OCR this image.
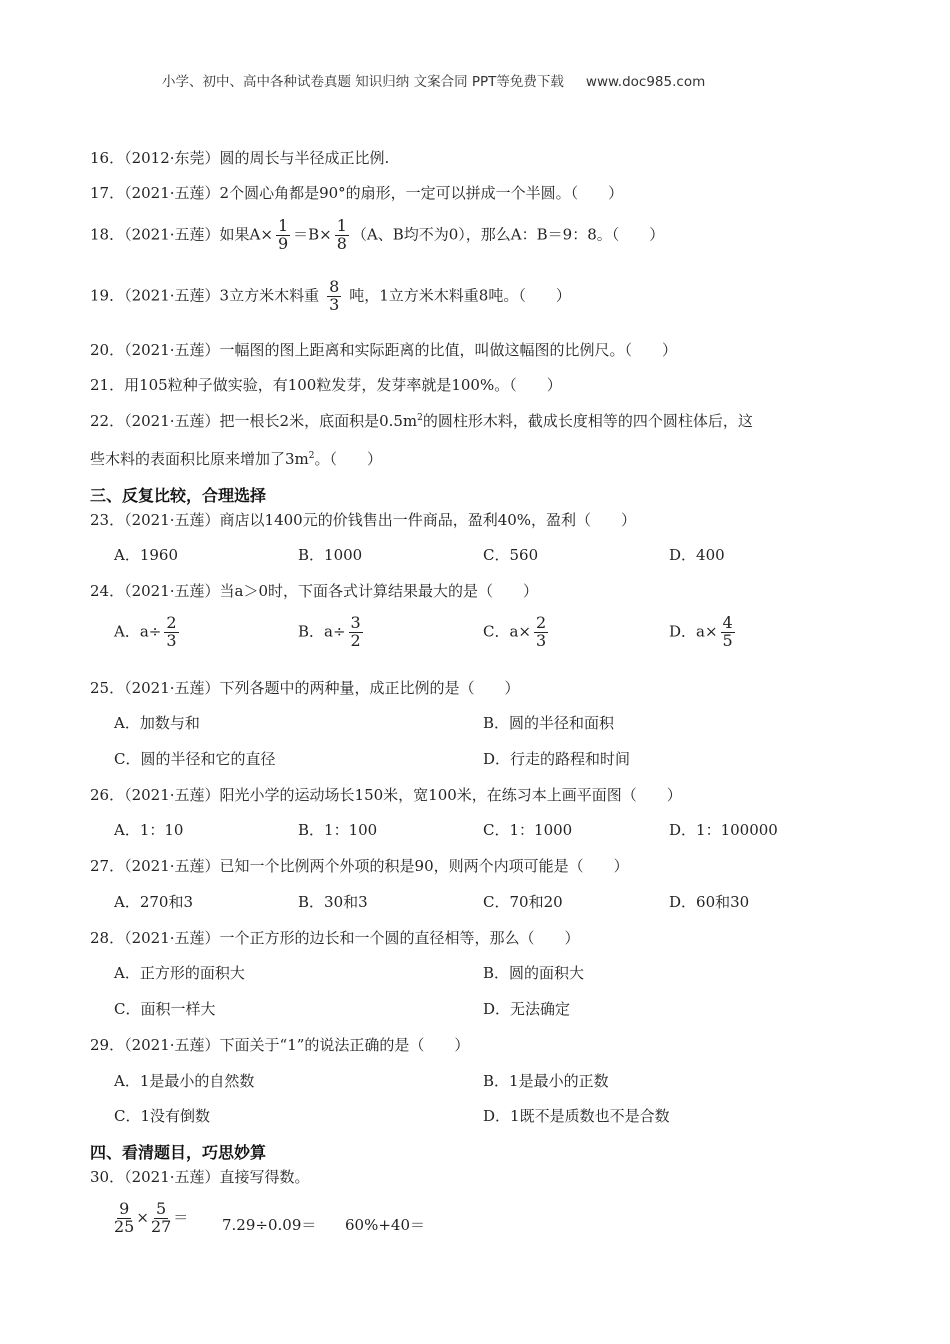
小学、初中、高中各种试卷真题 知识归纳 文案合同 PPT等免费下载 www.doc985.com
16．（2012·东莞）圆的周长与半径成正比例.
17．（2021·五莲）2个圆心角都是90°的扇形，一定可以拼成一个半圆。（　　）
18．（2021·五莲）如果$A\times \frac{1}{9} =B\times \frac{1}{8} (A$、B均不为0），那么A：B＝9：8。（　　）
19．（2021·五莲）3立方米木料重 $\frac{8}{3}$ 吨，1立方米木料重8吨。（　　）
20．（2021·五莲）一幅图的图上距离和实际距离的比值，叫做这幅图的比例尺。（　　）
21．用105粒种子做实验，有100粒发芽，发芽率就是100%。（　　）
22．（2021·五莲）把一根长2米，底面积是$0.5m^2$的圆柱形木料，截成长度相等的四个圆柱体后，这
些木料的表面积比原来增加了$3m^2$。（　　）
三、反复比较，合理选择
23．（2021·五莲）商店以1400元的价钱售出一件商品，盈利40%，盈利（　　）
A．1960	B．1000	C．560	D．400
24．（2021·五莲）当a＞0时，下面各式计算结果最大的是（　　）
A．$a\div \frac{2}{3}$	B．$a\div \frac{3}{2}$	C．$a\times \frac{2}{3}$	D．$a\times \frac{4}{5}$
25．（2021·五莲）下列各题中的两种量，成正比例的是（　　）
A．加数与和	B．圆的半径和面积
C．圆的半径和它的直径	D．行走的路程和时间
26．（2021·五莲）阳光小学的运动场长150米，宽100米，在练习本上画平面图（　　）
A．1：10	B．1：100	C．1：1000	D．1：100000
27．（2021·五莲）已知一个比例两个外项的积是90，则两个内项可能是（　　）
A．270和3	B．30和3	C．70和20	D．60和30
28．（2021·五莲）一个正方形的边长和一个圆的直径相等，那么（　　）
A．正方形的面积大	B．圆的面积大
C．面积一样大	D．无法确定
29．（2021·五莲）下面关于“1”的说法正确的是（　　）
A．1是最小的自然数	B．1是最小的正数
C．1没有倒数	D．1既不是质数也不是合数
四、看清题目，巧思妙算
30．（2021·五莲）直接写得数。
$\frac{9}{25} \times \frac{5}{27} = 7.29\div 0.09= 60\%+40=$
